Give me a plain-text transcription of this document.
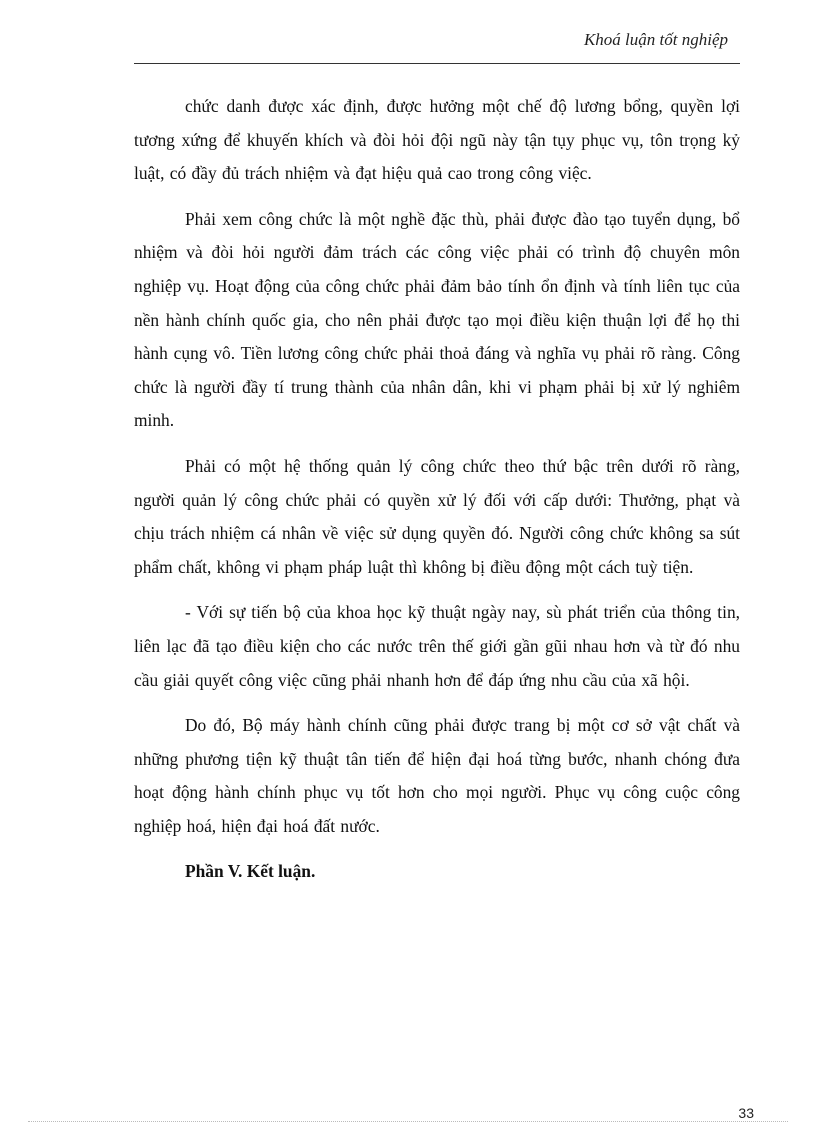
Khoá luận tốt nghiệp

chức danh được xác định, được hưởng một chế độ lương bổng, quyền lợi tương xứng để khuyến khích và đòi hỏi đội ngũ này tận tụy phục vụ, tôn trọng kỷ luật, có đầy đủ trách nhiệm và đạt hiệu quả cao trong công việc.

Phải xem công chức là một nghề đặc thù, phải được đào tạo tuyển dụng, bổ nhiệm và đòi hỏi người đảm trách các công việc phải có trình độ chuyên môn nghiệp vụ. Hoạt động của công chức phải đảm bảo tính ổn định và tính liên tục của nền hành chính quốc gia, cho nên phải được tạo mọi điều kiện thuận lợi để họ thi hành cụng vô. Tiền lương công chức phải thoả đáng và nghĩa vụ phải rõ ràng. Công chức là người đầy tí trung thành của nhân dân, khi vi phạm phải bị xử lý nghiêm minh.

Phải có một hệ thống quản lý công chức theo thứ bậc trên dưới rõ ràng, người quản lý công chức phải có quyền xử lý đối với cấp dưới: Thưởng, phạt và chịu trách nhiệm cá nhân về việc sử dụng quyền đó. Người công chức không sa sút phẩm chất, không vi phạm pháp luật thì không bị điều động một cách tuỳ tiện.

- Với sự tiến bộ của khoa học kỹ thuật ngày nay, sù phát triển của thông tin, liên lạc đã tạo điều kiện cho các nước trên thế giới gần gũi nhau hơn và từ đó nhu cầu giải quyết công việc cũng phải nhanh hơn để đáp ứng nhu cầu của xã hội.

Do đó, Bộ máy hành chính cũng phải được trang bị một cơ sở vật chất và những phương tiện kỹ thuật tân tiến để hiện đại hoá từng bước, nhanh chóng đưa hoạt động hành chính phục vụ tốt hơn cho mọi người. Phục vụ công cuộc công nghiệp hoá, hiện đại hoá đất nước.

Phần V. Kết luận.

33
